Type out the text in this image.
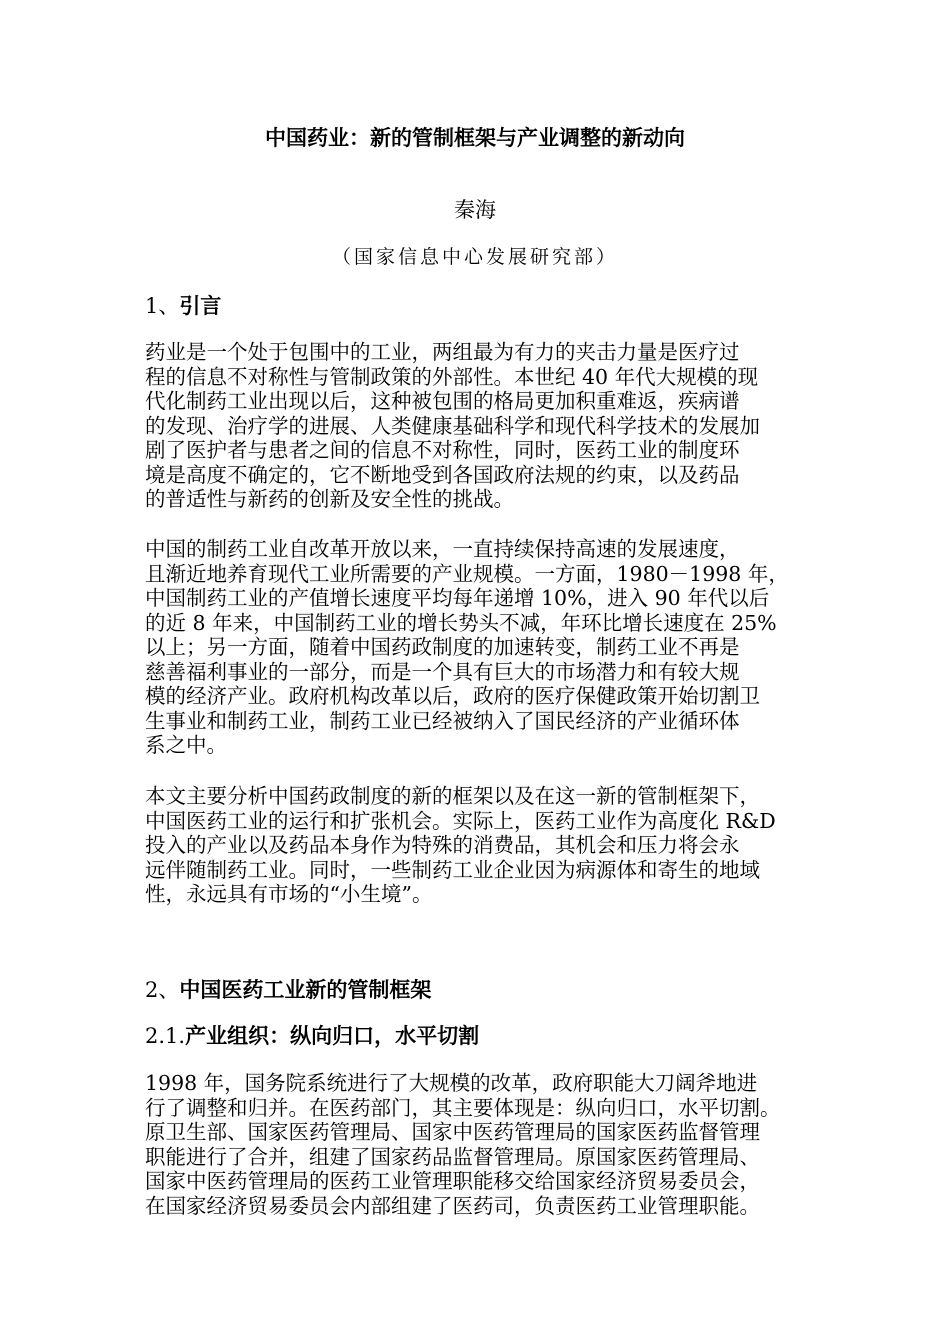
中国药业：新的管制框架与产业调整的新动向

秦海

（国家信息中心发展研究部）

1、引言
药业是一个处于包围中的工业，两组最为有力的夹击力量是医疗过
程的信息不对称性与管制政策的外部性。本世纪 40 年代大规模的现
代化制药工业出现以后，这种被包围的格局更加积重难返，疾病谱
的发现、治疗学的进展、人类健康基础科学和现代科学技术的发展加
剧了医护者与患者之间的信息不对称性，同时，医药工业的制度环
境是高度不确定的，它不断地受到各国政府法规的约束，以及药品
的普适性与新药的创新及安全性的挑战。
中国的制药工业自改革开放以来，一直持续保持高速的发展速度，
且渐近地养育现代工业所需要的产业规模。一方面，1980－1998 年，
中国制药工业的产值增长速度平均每年递增 10%，进入 90 年代以后
的近 8 年来，中国制药工业的增长势头不减，年环比增长速度在 25%
以上；另一方面，随着中国药政制度的加速转变，制药工业不再是
慈善福利事业的一部分，而是一个具有巨大的市场潜力和有较大规
模的经济产业。政府机构改革以后，政府的医疗保健政策开始切割卫
生事业和制药工业，制药工业已经被纳入了国民经济的产业循环体
系之中。
本文主要分析中国药政制度的新的框架以及在这一新的管制框架下，
中国医药工业的运行和扩张机会。实际上，医药工业作为高度化 R&D
投入的产业以及药品本身作为特殊的消费品，其机会和压力将会永
远伴随制药工业。同时，一些制药工业企业因为病源体和寄生的地域
性，永远具有市场的“小生境”。
2、中国医药工业新的管制框架
2.1.产业组织：纵向归口，水平切割
1998 年，国务院系统进行了大规模的改革，政府职能大刀阔斧地进
行了调整和归并。在医药部门，其主要体现是：纵向归口，水平切割。
原卫生部、国家医药管理局、国家中医药管理局的国家医药监督管理
职能进行了合并，组建了国家药品监督管理局。原国家医药管理局、
国家中医药管理局的医药工业管理职能移交给国家经济贸易委员会，
在国家经济贸易委员会内部组建了医药司，负责医药工业管理职能。
